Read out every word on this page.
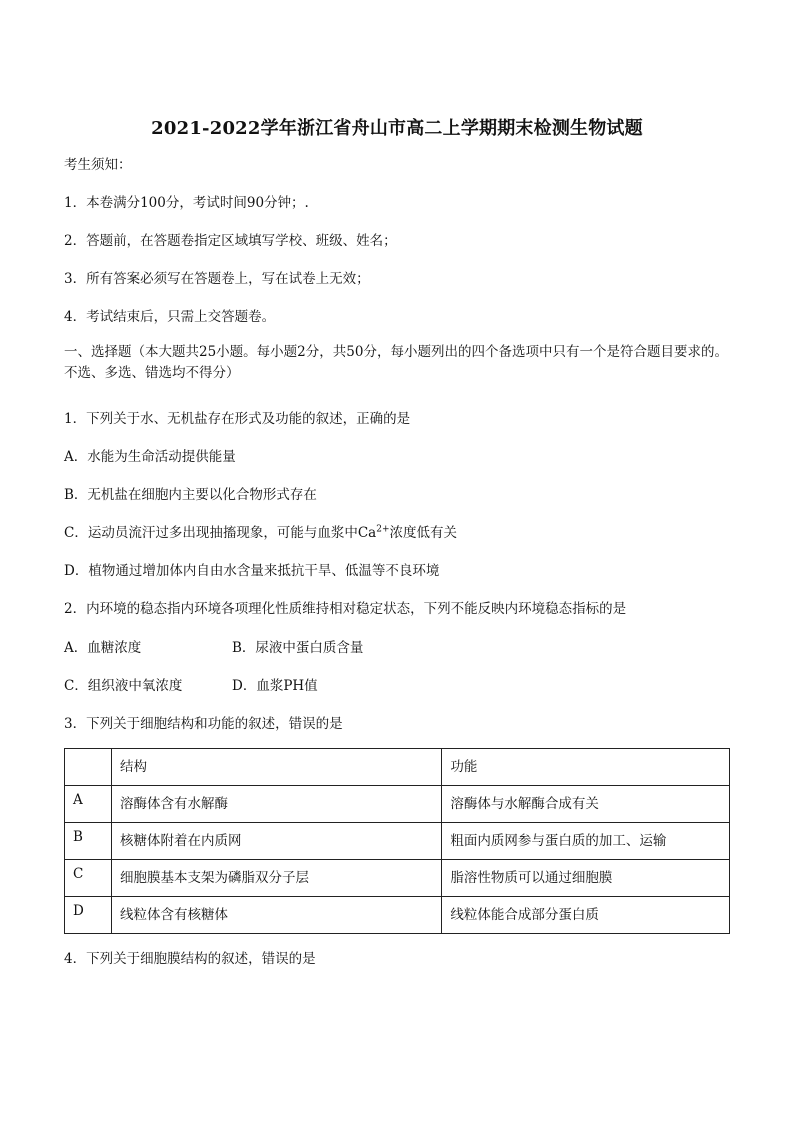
2021-2022学年浙江省舟山市高二上学期期末检测生物试题
考生须知：
1．本卷满分100分，考试时间90分钟；.
2．答题前，在答题卷指定区域填写学校、班级、姓名；
3．所有答案必须写在答题卷上，写在试卷上无效；
4．考试结束后，只需上交答题卷。
一、选择题（本大题共25小题。每小题2分，共50分，每小题列出的四个备选项中只有一个是符合题目要求的。不选、多选、错选均不得分）
1．下列关于水、无机盐存在形式及功能的叙述，正确的是
A．水能为生命活动提供能量
B．无机盐在细胞内主要以化合物形式存在
C．运动员流汗过多出现抽搐现象，可能与血浆中$Ca^{2+}$浓度低有关
D．植物通过增加体内自由水含量来抵抗干旱、低温等不良环境
2．内环境的稳态指内环境各项理化性质维持相对稳定状态，下列不能反映内环境稳态指标的是
A．血糖浓度	B．尿液中蛋白质含量
C．组织液中氧浓度	D．血浆PH值
3．下列关于细胞结构和功能的叙述，错误的是
	结构	功能
A	溶酶体含有水解酶	溶酶体与水解酶合成有关
B	核糖体附着在内质网	粗面内质网参与蛋白质的加工、运输
C	细胞膜基本支架为磷脂双分子层	脂溶性物质可以通过细胞膜
D	线粒体含有核糖体	线粒体能合成部分蛋白质
4．下列关于细胞膜结构的叙述，错误的是
